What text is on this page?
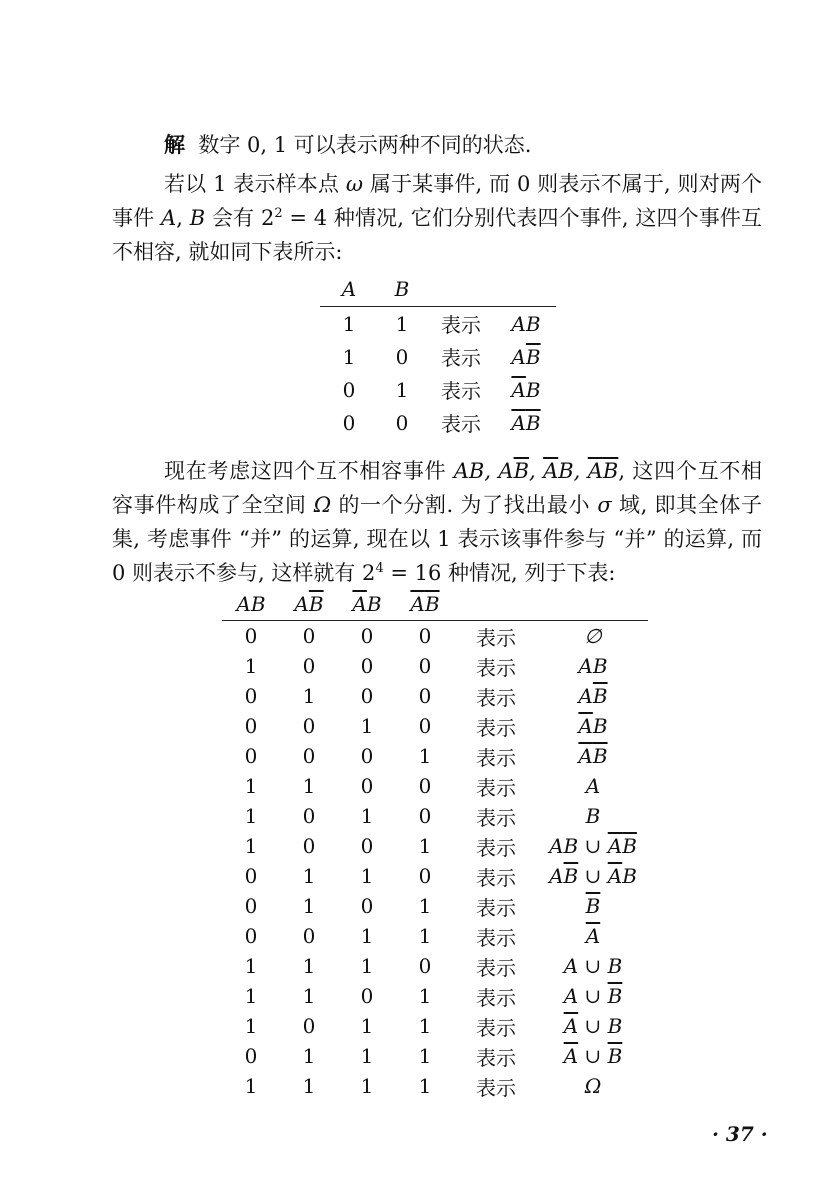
解 数字 0, 1 可以表示两种不同的状态.
若以 1 表示样本点 ω 属于某事件, 而 0 则表示不属于, 则对两个事件 A, B 会有 $2^2 = 4$ 种情况, 它们分别代表四个事件, 这四个事件互不相容, 就如同下表所示:
A	B		
1	1	表示	AB
1	0	表示	$A\overline{B}$
0	1	表示	$\overline{A}B$
0	0	表示	$\overline{A}\overline{B}$
现在考虑这四个互不相容事件 AB, $A\overline{B}$, $\overline{A}B$, $\overline{A}\overline{B}$, 这四个互不相容事件构成了全空间 Ω 的一个分割. 为了找出最小 σ 域, 即其全体子集, 考虑事件 “并” 的运算, 现在以 1 表示该事件参与 “并” 的运算, 而 0 则表示不参与, 这样就有 $2^4 = 16$ 种情况, 列于下表:
AB	$A\overline{B}$	$\overline{A}B$	$\overline{A}\overline{B}$		
0	0	0	0	表示	∅
1	0	0	0	表示	AB
0	1	0	0	表示	$A\overline{B}$
0	0	1	0	表示	$\overline{A}B$
0	0	0	1	表示	$\overline{A}\overline{B}$
1	1	0	0	表示	A
1	0	1	0	表示	B
1	0	0	1	表示	AB ∪ $\overline{A}\overline{B}$
0	1	1	0	表示	$A\overline{B}$ ∪ $\overline{A}B$
0	1	0	1	表示	$\overline{B}$
0	0	1	1	表示	$\overline{A}$
1	1	1	0	表示	A ∪ B
1	1	0	1	表示	A ∪ $\overline{B}$
1	0	1	1	表示	$\overline{A}$ ∪ B
0	1	1	1	表示	$\overline{A}$ ∪ $\overline{B}$
1	1	1	1	表示	Ω
· 37 ·
